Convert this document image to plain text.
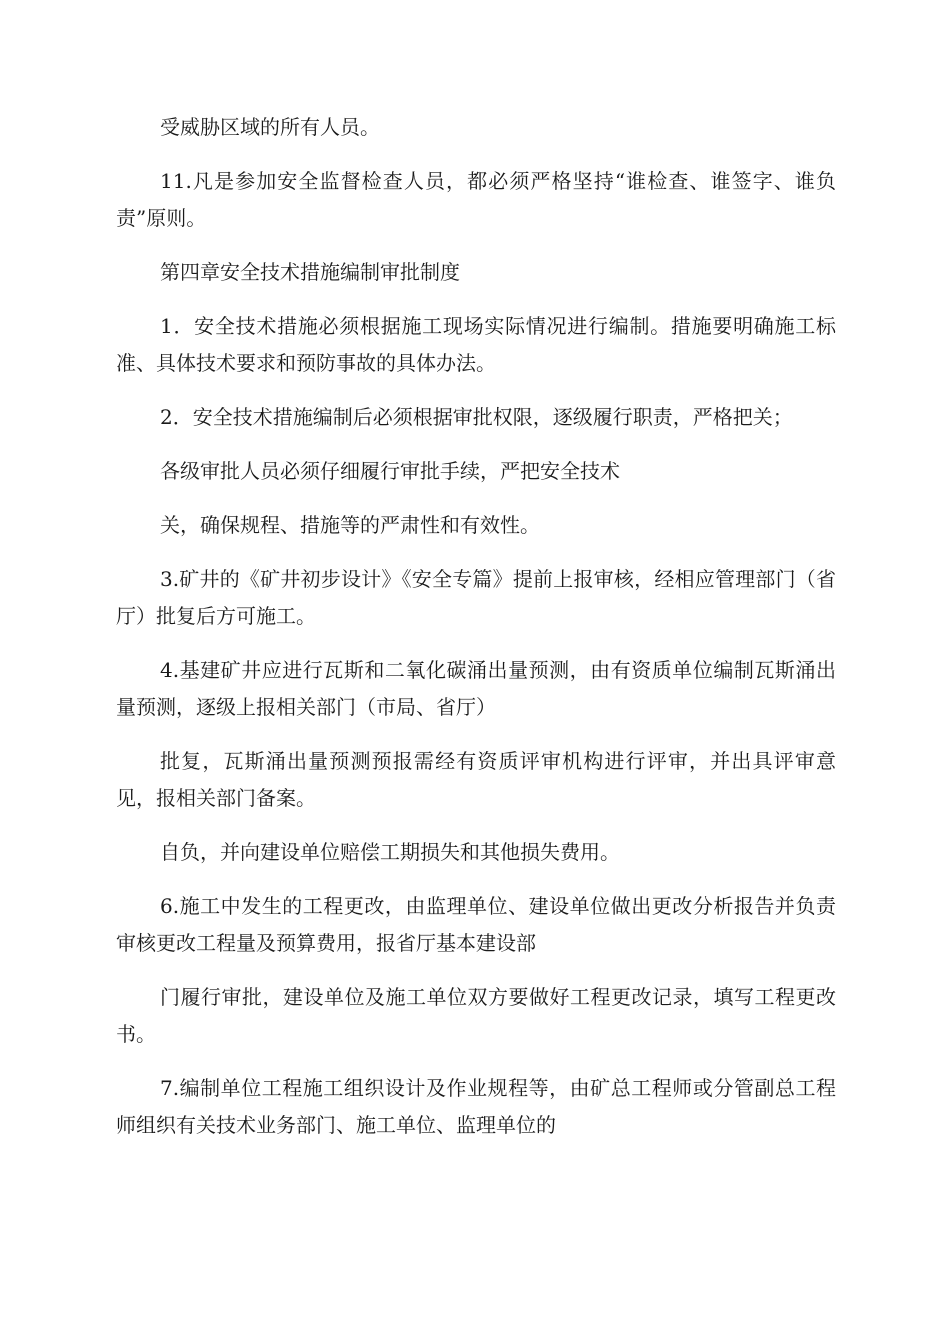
受威胁区域的所有人员。

11.凡是参加安全监督检查人员，都必须严格坚持“谁检查、谁签字、谁负责”原则。

第四章安全技术措施编制审批制度

1．安全技术措施必须根据施工现场实际情况进行编制。措施要明确施工标准、具体技术要求和预防事故的具体办法。

2．安全技术措施编制后必须根据审批权限，逐级履行职责，严格把关；

各级审批人员必须仔细履行审批手续，严把安全技术

关，确保规程、措施等的严肃性和有效性。

3.矿井的《矿井初步设计》《安全专篇》提前上报审核，经相应管理部门（省厅）批复后方可施工。

4.基建矿井应进行瓦斯和二氧化碳涌出量预测，由有资质单位编制瓦斯涌出量预测，逐级上报相关部门（市局、省厅）

批复，瓦斯涌出量预测预报需经有资质评审机构进行评审，并出具评审意见，报相关部门备案。

自负，并向建设单位赔偿工期损失和其他损失费用。

6.施工中发生的工程更改，由监理单位、建设单位做出更改分析报告并负责审核更改工程量及预算费用，报省厅基本建设部

门履行审批，建设单位及施工单位双方要做好工程更改记录，填写工程更改书。

7.编制单位工程施工组织设计及作业规程等，由矿总工程师或分管副总工程师组织有关技术业务部门、施工单位、监理单位的
